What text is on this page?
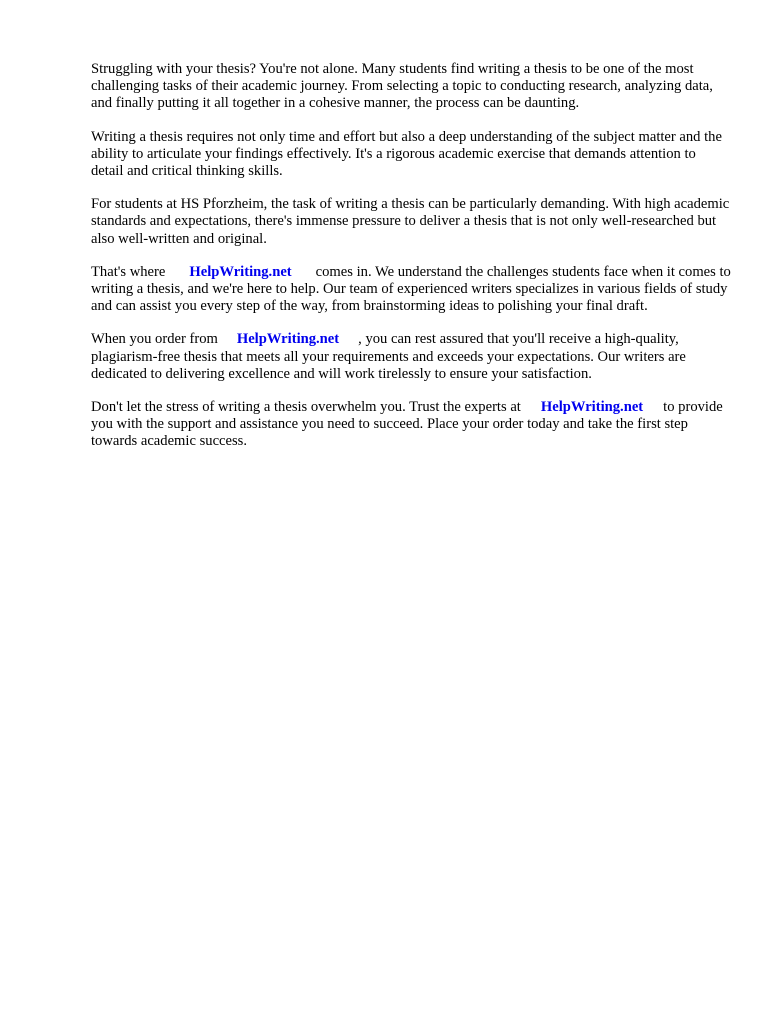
Struggling with your thesis? You're not alone. Many students find writing a thesis to be one of the most challenging tasks of their academic journey. From selecting a topic to conducting research, analyzing data, and finally putting it all together in a cohesive manner, the process can be daunting.

Writing a thesis requires not only time and effort but also a deep understanding of the subject matter and the ability to articulate your findings effectively. It's a rigorous academic exercise that demands attention to detail and critical thinking skills.

For students at HS Pforzheim, the task of writing a thesis can be particularly demanding. With high academic standards and expectations, there's immense pressure to deliver a thesis that is not only well-researched but also well-written and original.

That's where HelpWriting.net comes in. We understand the challenges students face when it comes to writing a thesis, and we're here to help. Our team of experienced writers specializes in various fields of study and can assist you every step of the way, from brainstorming ideas to polishing your final draft.

When you order from HelpWriting.net , you can rest assured that you'll receive a high-quality, plagiarism-free thesis that meets all your requirements and exceeds your expectations. Our writers are dedicated to delivering excellence and will work tirelessly to ensure your satisfaction.

Don't let the stress of writing a thesis overwhelm you. Trust the experts at HelpWriting.net to provide you with the support and assistance you need to succeed. Place your order today and take the first step towards academic success.
